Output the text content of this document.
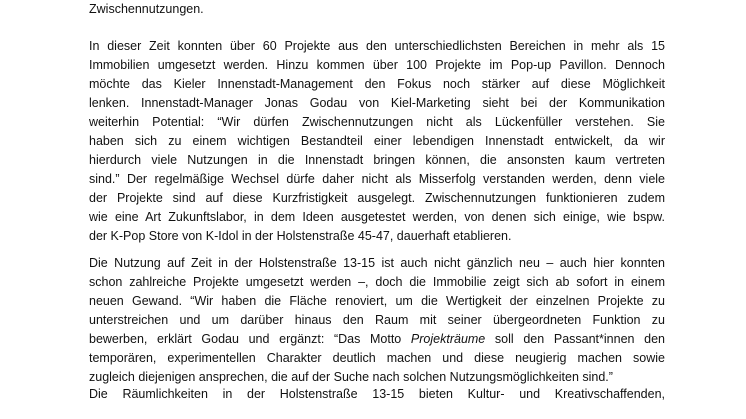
Zwischennutzungen.
In dieser Zeit konnten über 60 Projekte aus den unterschiedlichsten Bereichen in mehr als 15
Immobilien umgesetzt werden. Hinzu kommen über 100 Projekte im Pop-up Pavillon. Dennoch
möchte das Kieler Innenstadt-Management den Fokus noch stärker auf diese Möglichkeit
lenken. Innenstadt-Manager Jonas Godau von Kiel-Marketing sieht bei der Kommunikation
weiterhin Potential: “Wir dürfen Zwischennutzungen nicht als Lückenfüller verstehen. Sie
haben sich zu einem wichtigen Bestandteil einer lebendigen Innenstadt entwickelt, da wir
hierdurch viele Nutzungen in die Innenstadt bringen können, die ansonsten kaum vertreten
sind.” Der regelmäßige Wechsel dürfe daher nicht als Misserfolg verstanden werden, denn viele
der Projekte sind auf diese Kurzfristigkeit ausgelegt. Zwischennutzungen funktionieren zudem
wie eine Art Zukunftslabor, in dem Ideen ausgetestet werden, von denen sich einige, wie bspw.
der K-Pop Store von K-Idol in der Holstenstraße 45-47, dauerhaft etablieren.
Die Nutzung auf Zeit in der Holstenstraße 13-15 ist auch nicht gänzlich neu – auch hier konnten
schon zahlreiche Projekte umgesetzt werden –, doch die Immobilie zeigt sich ab sofort in einem
neuen Gewand. “Wir haben die Fläche renoviert, um die Wertigkeit der einzelnen Projekte zu
unterstreichen und um darüber hinaus den Raum mit seiner übergeordneten Funktion zu
bewerben, erklärt Godau und ergänzt: “Das Motto Projekträume soll den Passant*innen den
temporären, experimentellen Charakter deutlich machen und diese neugierig machen sowie
zugleich diejenigen ansprechen, die auf der Suche nach solchen Nutzungsmöglichkeiten sind.”
Die Räumlichkeiten in der Holstenstraße 13-15 bieten Kultur- und Kreativschaffenden,
